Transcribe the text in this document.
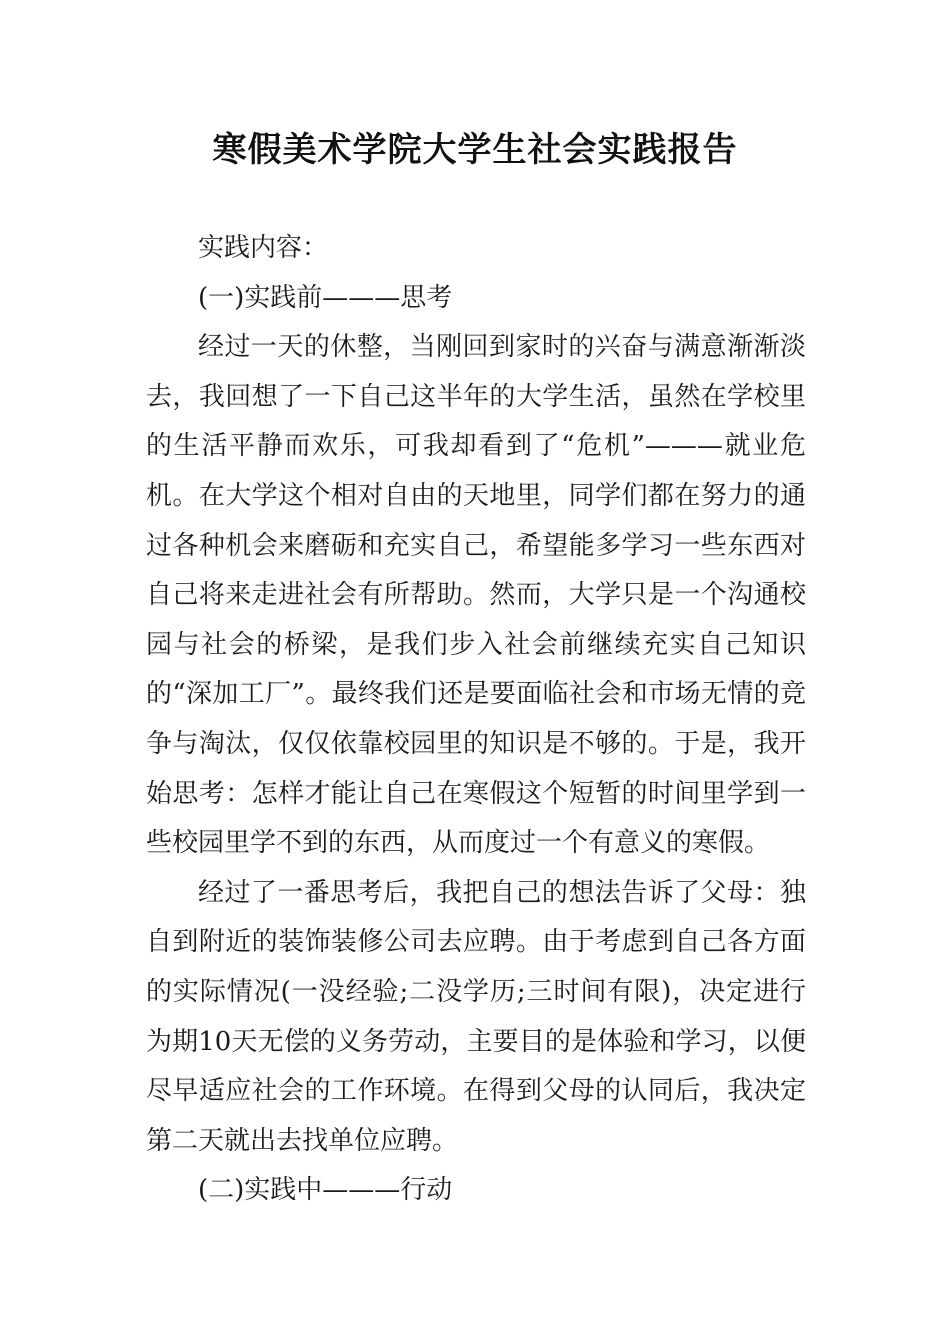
寒假美术学院大学生社会实践报告

实践内容：

(一)实践前———思考

经过一天的休整，当刚回到家时的兴奋与满意渐渐淡去，我回想了一下自己这半年的大学生活，虽然在学校里的生活平静而欢乐，可我却看到了“危机”———就业危机。在大学这个相对自由的天地里，同学们都在努力的通过各种机会来磨砺和充实自己，希望能多学习一些东西对自己将来走进社会有所帮助。然而，大学只是一个沟通校园与社会的桥梁，是我们步入社会前继续充实自己知识的“深加工厂”。最终我们还是要面临社会和市场无情的竞争与淘汰，仅仅依靠校园里的知识是不够的。于是，我开始思考：怎样才能让自己在寒假这个短暂的时间里学到一些校园里学不到的东西，从而度过一个有意义的寒假。

经过了一番思考后，我把自己的想法告诉了父母：独自到附近的装饰装修公司去应聘。由于考虑到自己各方面的实际情况(一没经验;二没学历;三时间有限)，决定进行为期10天无偿的义务劳动，主要目的是体验和学习，以便尽早适应社会的工作环境。在得到父母的认同后，我决定第二天就出去找单位应聘。

(二)实践中———行动
